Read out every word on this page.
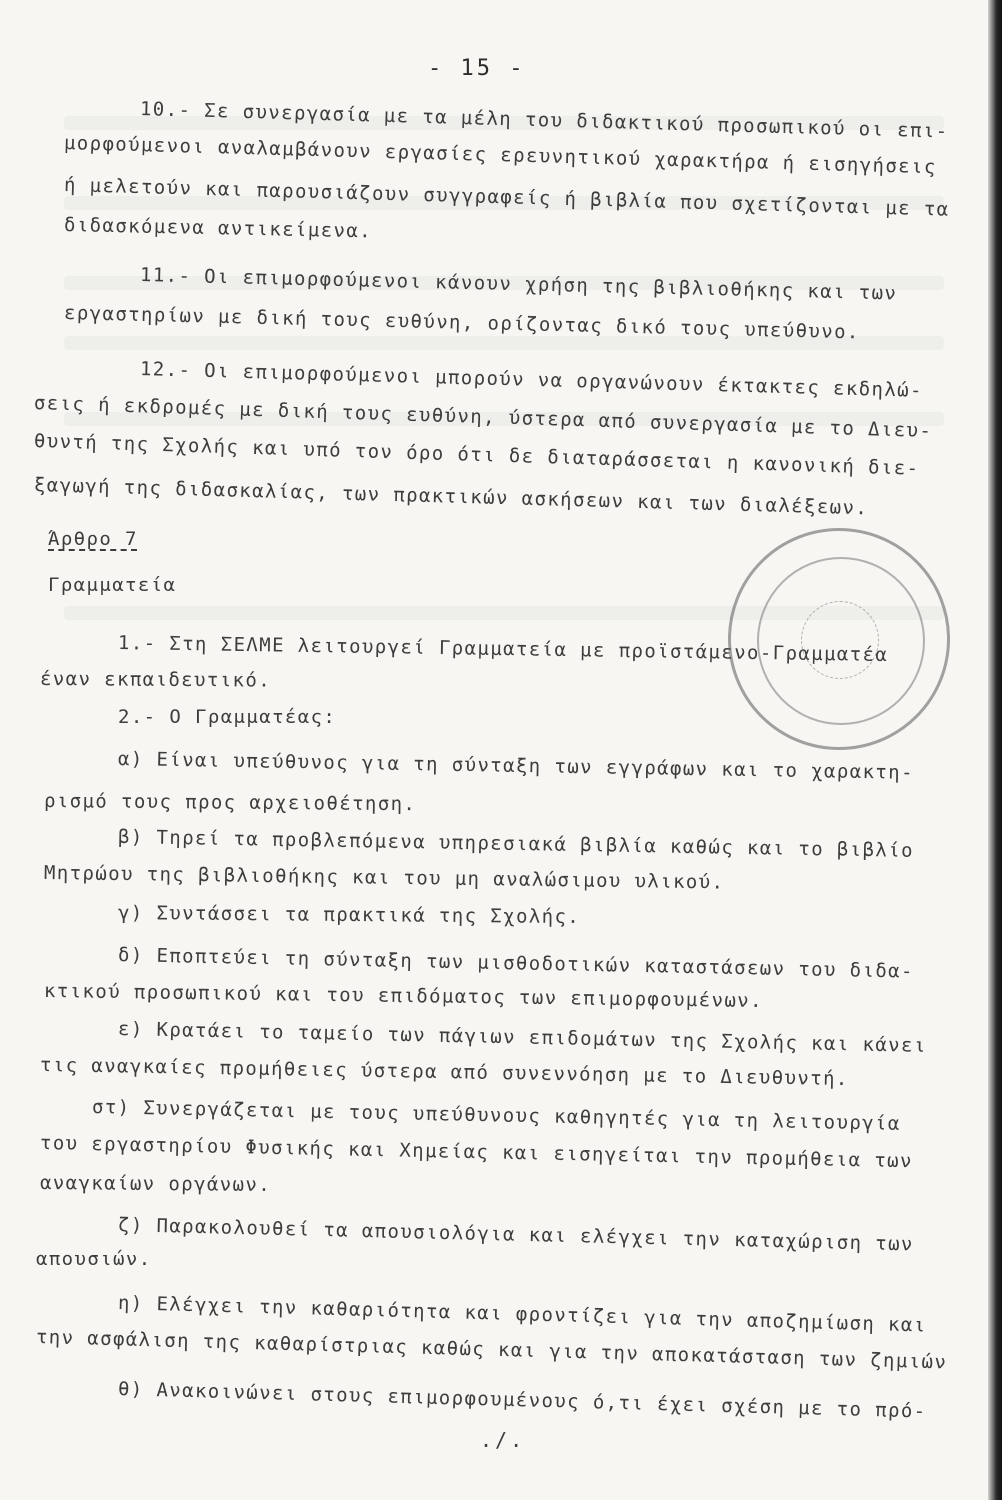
- 15 -
10.- Σε συνεργασία με τα μέλη του διδακτικού προσωπικού οι επι-
μορφούμενοι αναλαμβάνουν εργασίες ερευνητικού χαρακτήρα ή εισηγήσεις
ή μελετούν και παρουσιάζουν συγγραφείς ή βιβλία που σχετίζονται με τα
διδασκόμενα αντικείμενα.
11.- Οι επιμορφούμενοι κάνουν χρήση της βιβλιοθήκης και των
εργαστηρίων με δική τους ευθύνη, ορίζοντας δικό τους υπεύθυνο.
12.- Οι επιμορφούμενοι μπορούν να οργανώνουν έκτακτες εκδηλώ-
σεις ή εκδρομές με δική τους ευθύνη, ύστερα από συνεργασία με το Διευ-
θυντή της Σχολής και υπό τον όρο ότι δε διαταράσσεται η κανονική διε-
ξαγωγή της διδασκαλίας, των πρακτικών ασκήσεων και των διαλέξεων.
Άρθρο 7
Γραμματεία
1.- Στη ΣΕΛΜΕ λειτουργεί Γραμματεία με προϊστάμενο-Γραμματέα
έναν εκπαιδευτικό.
2.- Ο Γραμματέας:
α) Είναι υπεύθυνος για τη σύνταξη των εγγράφων και το χαρακτη-
ρισμό τους προς αρχειοθέτηση.
β) Τηρεί τα προβλεπόμενα υπηρεσιακά βιβλία καθώς και το βιβλίο
Μητρώου της βιβλιοθήκης και του μη αναλώσιμου υλικού.
γ) Συντάσσει τα πρακτικά της Σχολής.
δ) Εποπτεύει τη σύνταξη των μισθοδοτικών καταστάσεων του διδα-
κτικού προσωπικού και του επιδόματος των επιμορφουμένων.
ε) Κρατάει το ταμείο των πάγιων επιδομάτων της Σχολής και κάνει
τις αναγκαίες προμήθειες ύστερα από συνεννόηση με το Διευθυντή.
στ) Συνεργάζεται με τους υπεύθυνους καθηγητές για τη λειτουργία
του εργαστηρίου Φυσικής και Χημείας και εισηγείται την προμήθεια των
αναγκαίων οργάνων.
ζ) Παρακολουθεί τα απουσιολόγια και ελέγχει την καταχώριση των
απουσιών.
η) Ελέγχει την καθαριότητα και φροντίζει για την αποζημίωση και
την ασφάλιση της καθαρίστριας καθώς και για την αποκατάσταση των ζημιών
θ) Ανακοινώνει στους επιμορφουμένους ό,τι έχει σχέση με το πρό-
./.
